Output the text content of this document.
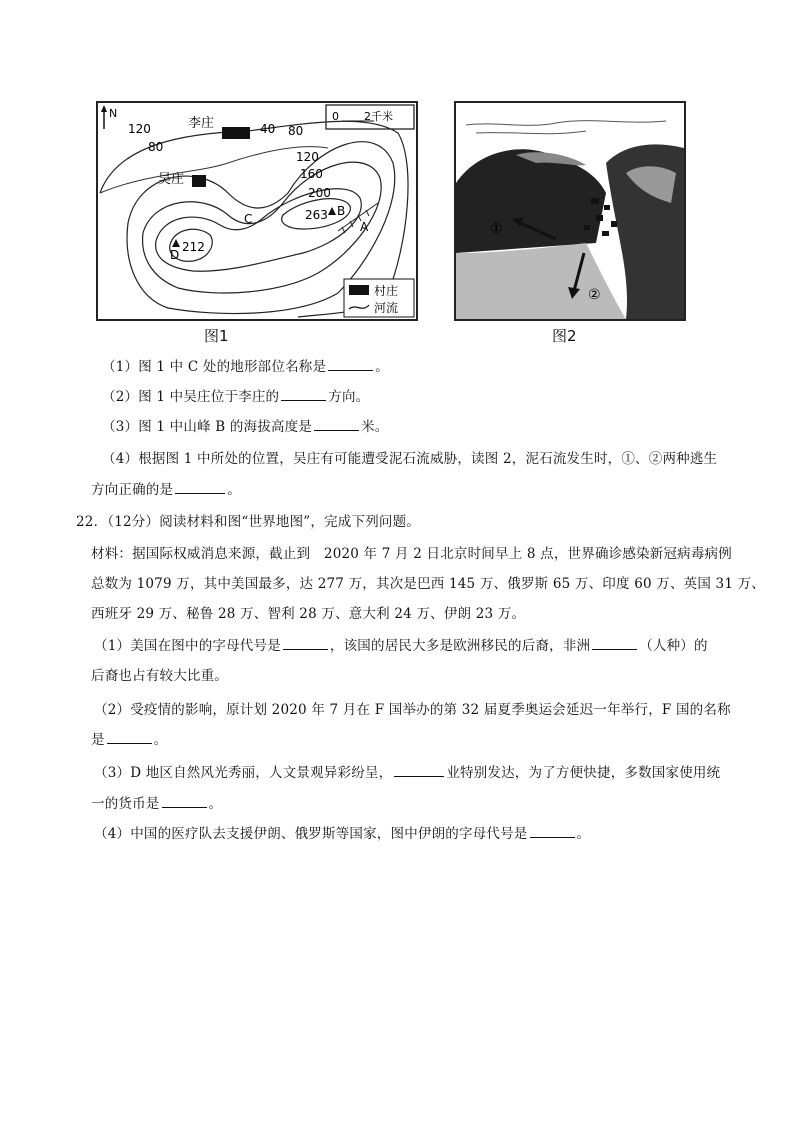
N	0 2千米
李庄
吴庄
120
80
40 80
120
160
200
263 B
C
A
D
212
村庄
河流
图1
①
②
图2
（1）图 1 中 C 处的地形部位名称是	。
（2）图 1 中吴庄位于李庄的	方向。
（3）图 1 中山峰 B 的海拔高度是	米。
（4）根据图 1 中所处的位置，吴庄有可能遭受泥石流威胁，读图 2，泥石流发生时，①、②两种逃生
方向正确的是	。
22．（12分）阅读材料和图“世界地图”，完成下列问题。
材料：据国际权威消息来源，截止到　2020 年 7 月 2 日北京时间早上 8 点，世界确诊感染新冠病毒病例
总数为 1079 万，其中美国最多，达 277 万，其次是巴西 145 万、俄罗斯 65 万、印度 60 万、英国 31 万、
西班牙 29 万、秘鲁 28 万、智利 28 万、意大利 24 万、伊朗 23 万。
（1）美国在图中的字母代号是	，该国的居民大多是欧洲移民的后裔，非洲	（人种）的
后裔也占有较大比重。
（2）受疫情的影响，原计划 2020 年 7 月在 F 国举办的第 32 届夏季奥运会延迟一年举行，F 国的名称
是	。
（3）D 地区自然风光秀丽，人文景观异彩纷呈，	业特别发达，为了方便快捷，多数国家使用统
一的货币是	。
（4）中国的医疗队去支援伊朗、俄罗斯等国家，图中伊朗的字母代号是	。
